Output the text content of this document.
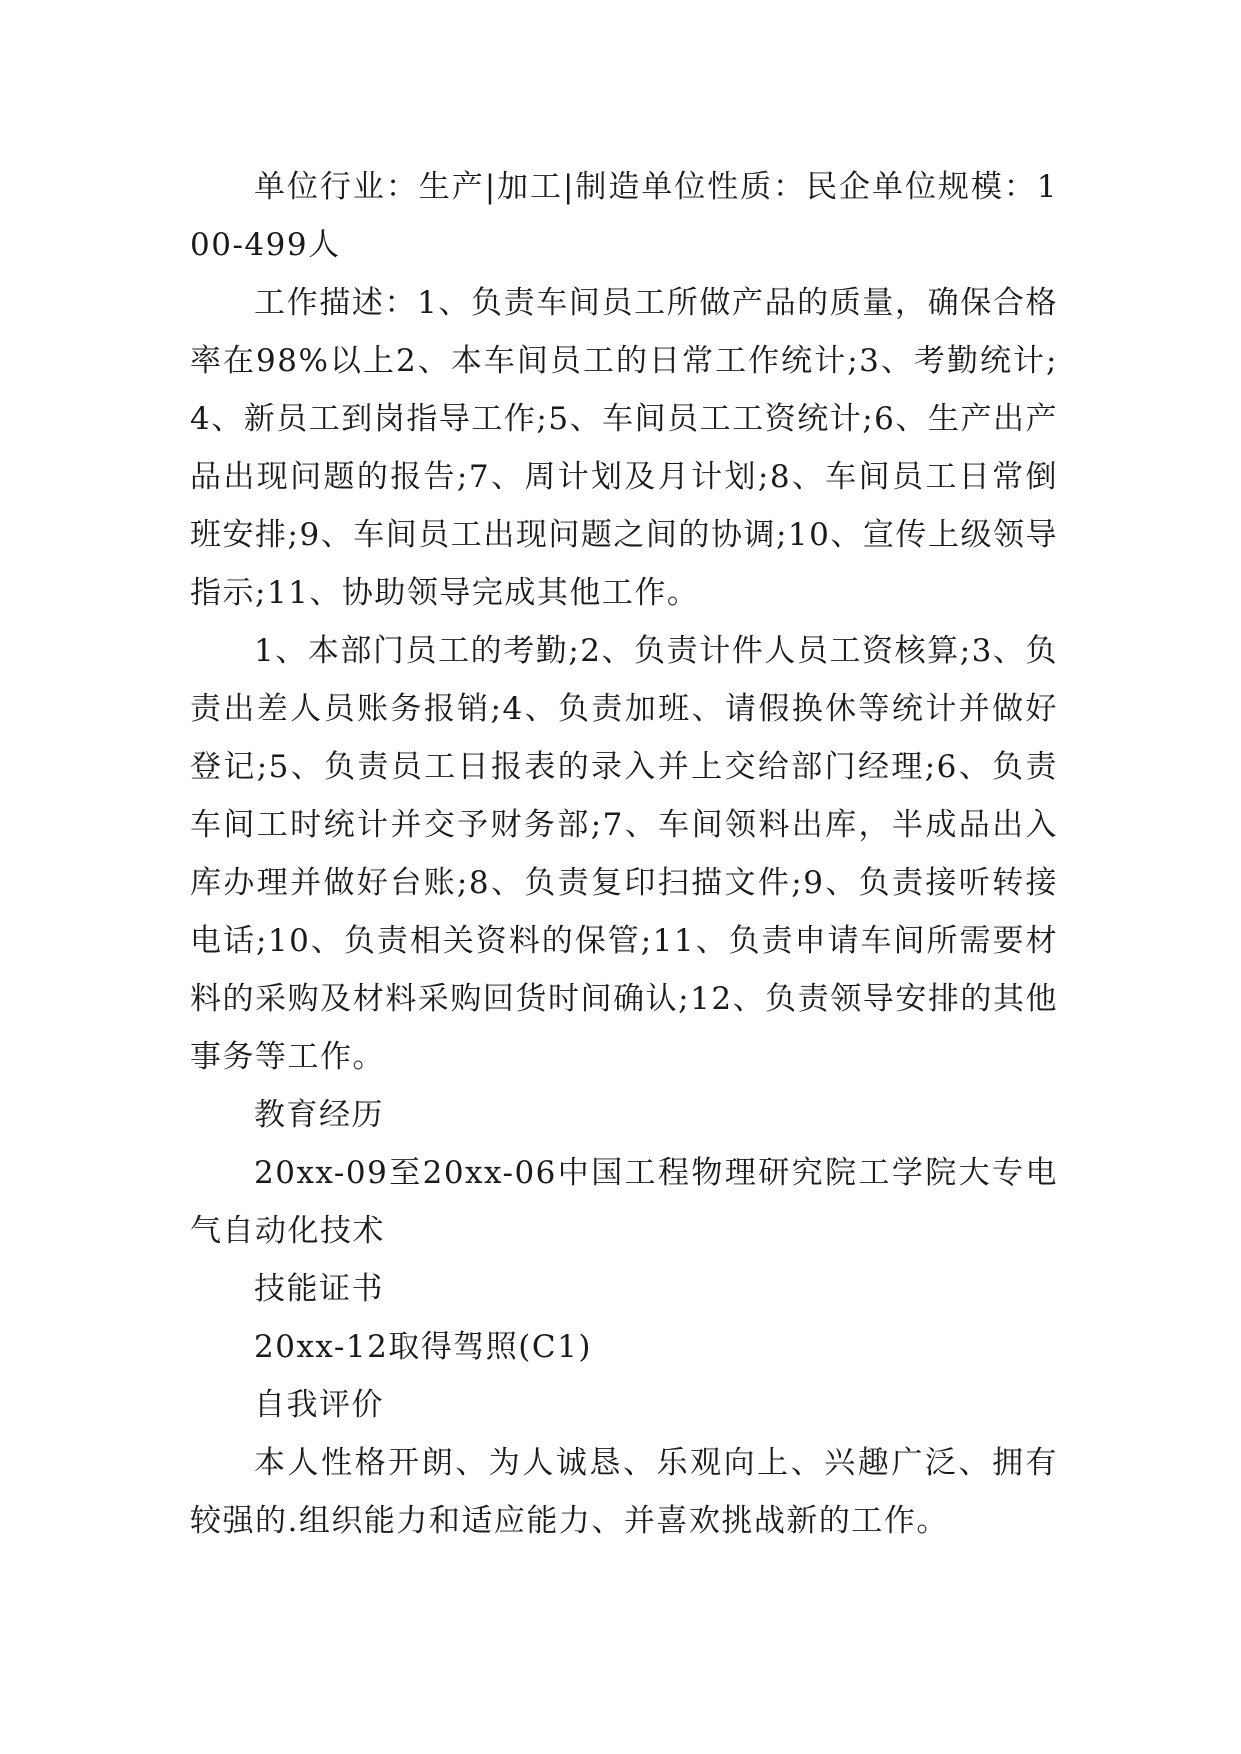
单位行业：生产|加工|制造单位性质：民企单位规模：100-499人

工作描述：1、负责车间员工所做产品的质量，确保合格率在98%以上2、本车间员工的日常工作统计;3、考勤统计;4、新员工到岗指导工作;5、车间员工工资统计;6、生产出产品出现问题的报告;7、周计划及月计划;8、车间员工日常倒班安排;9、车间员工出现问题之间的协调;10、宣传上级领导指示;11、协助领导完成其他工作。

1、本部门员工的考勤;2、负责计件人员工资核算;3、负责出差人员账务报销;4、负责加班、请假换休等统计并做好登记;5、负责员工日报表的录入并上交给部门经理;6、负责车间工时统计并交予财务部;7、车间领料出库，半成品出入库办理并做好台账;8、负责复印扫描文件;9、负责接听转接电话;10、负责相关资料的保管;11、负责申请车间所需要材料的采购及材料采购回货时间确认;12、负责领导安排的其他事务等工作。

教育经历

20xx-09至20xx-06中国工程物理研究院工学院大专电气自动化技术

技能证书

20xx-12取得驾照(C1)

自我评价

本人性格开朗、为人诚恳、乐观向上、兴趣广泛、拥有较强的.组织能力和适应能力、并喜欢挑战新的工作。
